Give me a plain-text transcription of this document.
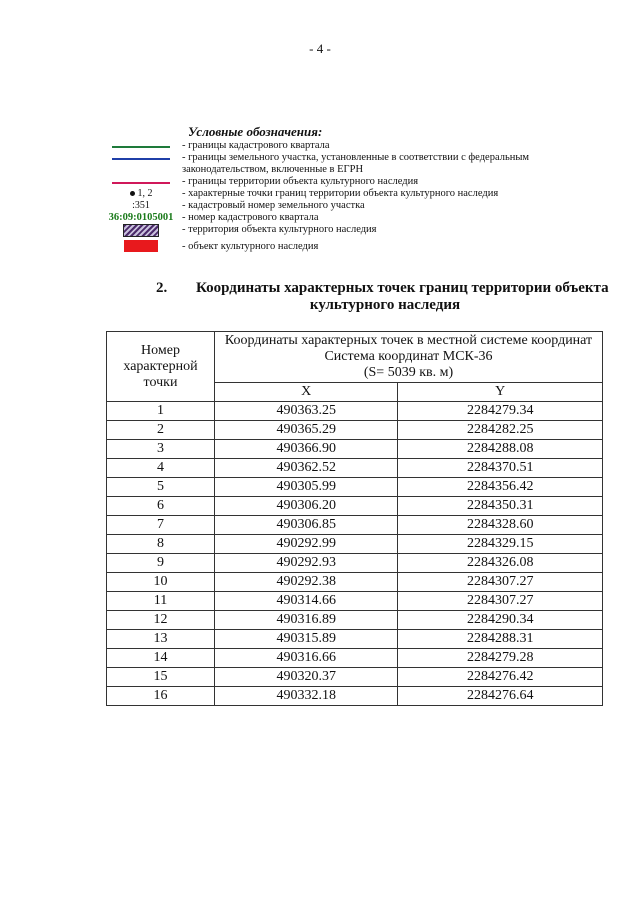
- 4 -
Условные обозначения:
- границы кадастрового квартала
- границы земельного участка, установленные в соответствии с федеральным законодательством, включенные в ЕГРН
- границы территории объекта культурного наследия
1, 2	- характерные точки границ территории объекта культурного наследия
:351	- кадастровый номер земельного участка
36:09:0105001 - номер кадастрового квартала
- территория объекта культурного наследия
- объект культурного наследия
2.	Координаты характерных точек границ территории объекта
культурного наследия
Номер характерной точки	Координаты характерных точек в местной системе координат
Система координат МСК-36
(S= 5039 кв. м)	

	X	Y
1	490363.25	2284279.34
2	490365.29	2284282.25
3	490366.90	2284288.08
4	490362.52	2284370.51
5	490305.99	2284356.42
6	490306.20	2284350.31
7	490306.85	2284328.60
8	490292.99	2284329.15
9	490292.93	2284326.08
10	490292.38	2284307.27
11	490314.66	2284307.27
12	490316.89	2284290.34
13	490315.89	2284288.31
14	490316.66	2284279.28
15	490320.37	2284276.42
16	490332.18	2284276.64
